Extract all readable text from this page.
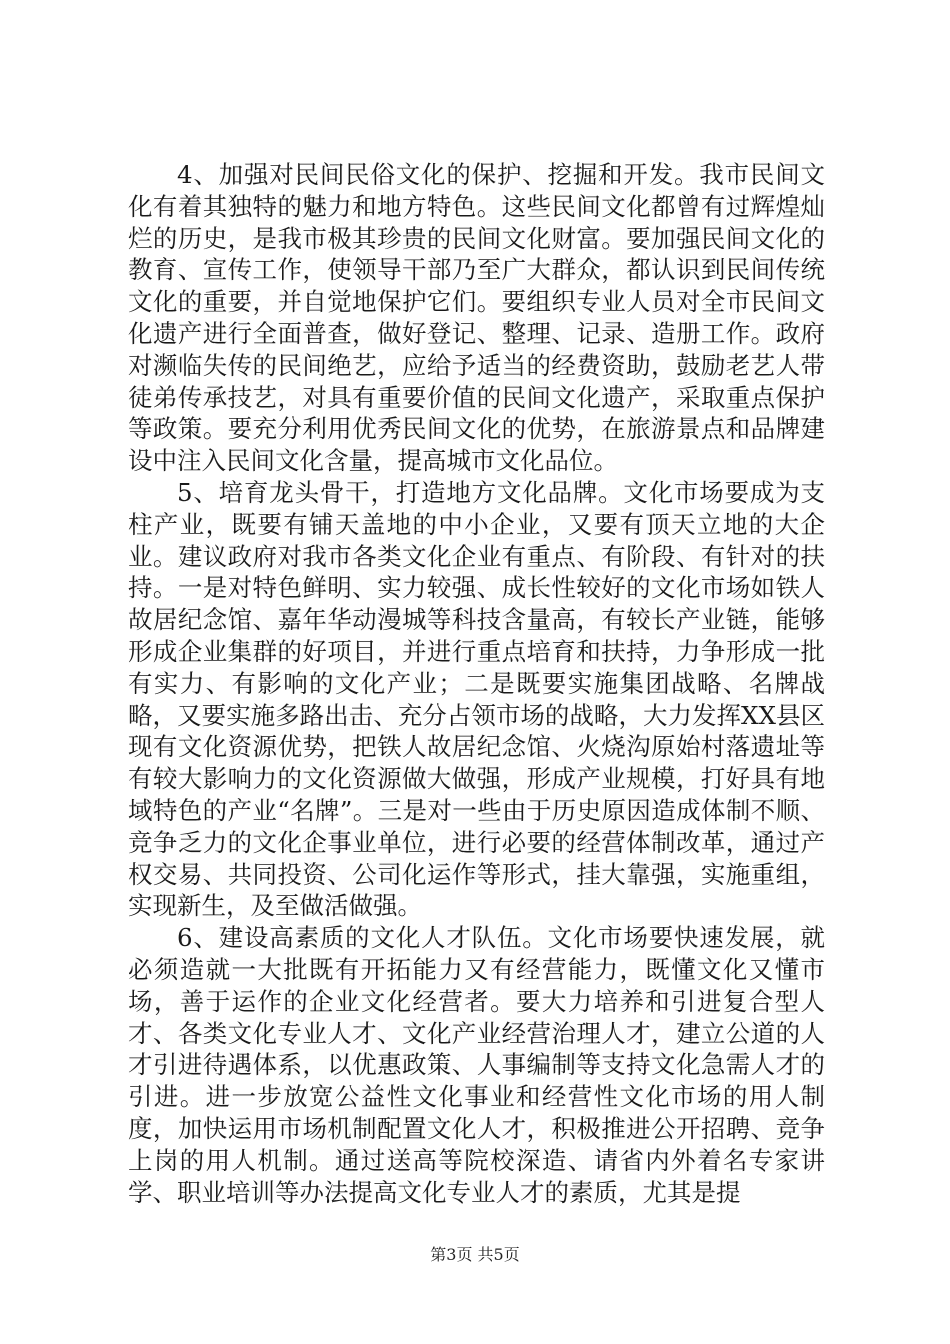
4、加强对民间民俗文化的保护、挖掘和开发。我市民间文化有着其独特的魅力和地方特色。这些民间文化都曾有过辉煌灿烂的历史，是我市极其珍贵的民间文化财富。要加强民间文化的教育、宣传工作，使领导干部乃至广大群众，都认识到民间传统文化的重要，并自觉地保护它们。要组织专业人员对全市民间文化遗产进行全面普查，做好登记、整理、记录、造册工作。政府对濒临失传的民间绝艺，应给予适当的经费资助，鼓励老艺人带徒弟传承技艺，对具有重要价值的民间文化遗产，采取重点保护等政策。要充分利用优秀民间文化的优势，在旅游景点和品牌建设中注入民间文化含量，提高城市文化品位。

5、培育龙头骨干，打造地方文化品牌。文化市场要成为支柱产业，既要有铺天盖地的中小企业，又要有顶天立地的大企业。建议政府对我市各类文化企业有重点、有阶段、有针对的扶持。一是对特色鲜明、实力较强、成长性较好的文化市场如铁人故居纪念馆、嘉年华动漫城等科技含量高，有较长产业链，能够形成企业集群的好项目，并进行重点培育和扶持，力争形成一批有实力、有影响的文化产业；二是既要实施集团战略、名牌战略，又要实施多路出击、充分占领市场的战略，大力发挥XX县区现有文化资源优势，把铁人故居纪念馆、火烧沟原始村落遗址等有较大影响力的文化资源做大做强，形成产业规模，打好具有地域特色的产业“名牌”。三是对一些由于历史原因造成体制不顺、竞争乏力的文化企事业单位，进行必要的经营体制改革，通过产权交易、共同投资、公司化运作等形式，挂大靠强，实施重组，实现新生，及至做活做强。

6、建设高素质的文化人才队伍。文化市场要快速发展，就必须造就一大批既有开拓能力又有经营能力，既懂文化又懂市场，善于运作的企业文化经营者。要大力培养和引进复合型人才、各类文化专业人才、文化产业经营治理人才，建立公道的人才引进待遇体系，以优惠政策、人事编制等支持文化急需人才的引进。进一步放宽公益性文化事业和经营性文化市场的用人制度，加快运用市场机制配置文化人才，积极推进公开招聘、竞争上岗的用人机制。通过送高等院校深造、请省内外着名专家讲学、职业培训等办法提高文化专业人才的素质，尤其是提

第3页 共5页
